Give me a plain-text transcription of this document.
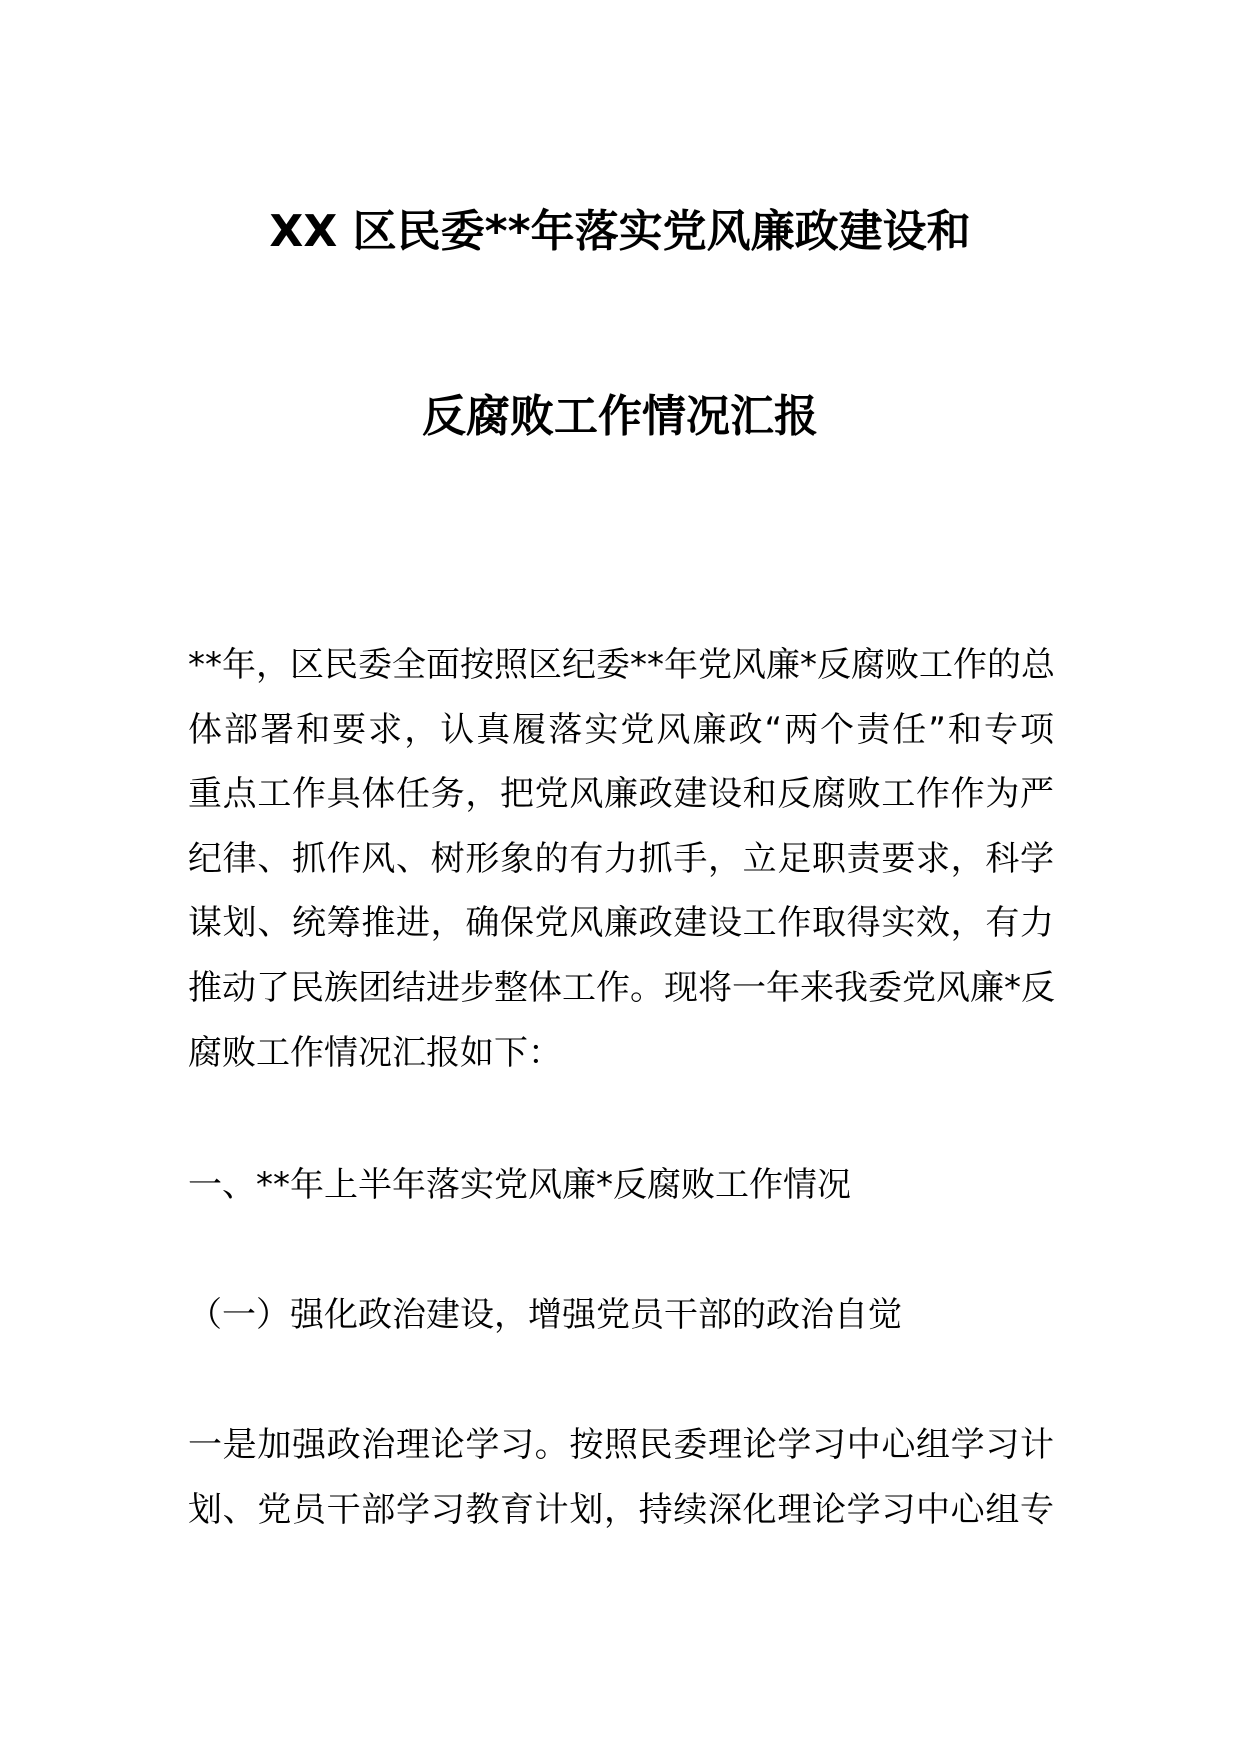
XX 区民委**年落实党风廉政建设和
反腐败工作情况汇报
**年，区民委全面按照区纪委**年党风廉*反腐败工作的总
体部署和要求，认真履落实党风廉政“两个责任”和专项
重点工作具体任务，把党风廉政建设和反腐败工作作为严
纪律、抓作风、树形象的有力抓手，立足职责要求，科学
谋划、统筹推进，确保党风廉政建设工作取得实效，有力
推动了民族团结进步整体工作。现将一年来我委党风廉*反
腐败工作情况汇报如下：
一、**年上半年落实党风廉*反腐败工作情况
（一）强化政治建设，增强党员干部的政治自觉
一是加强政治理论学习。按照民委理论学习中心组学习计
划、党员干部学习教育计划，持续深化理论学习中心组专
